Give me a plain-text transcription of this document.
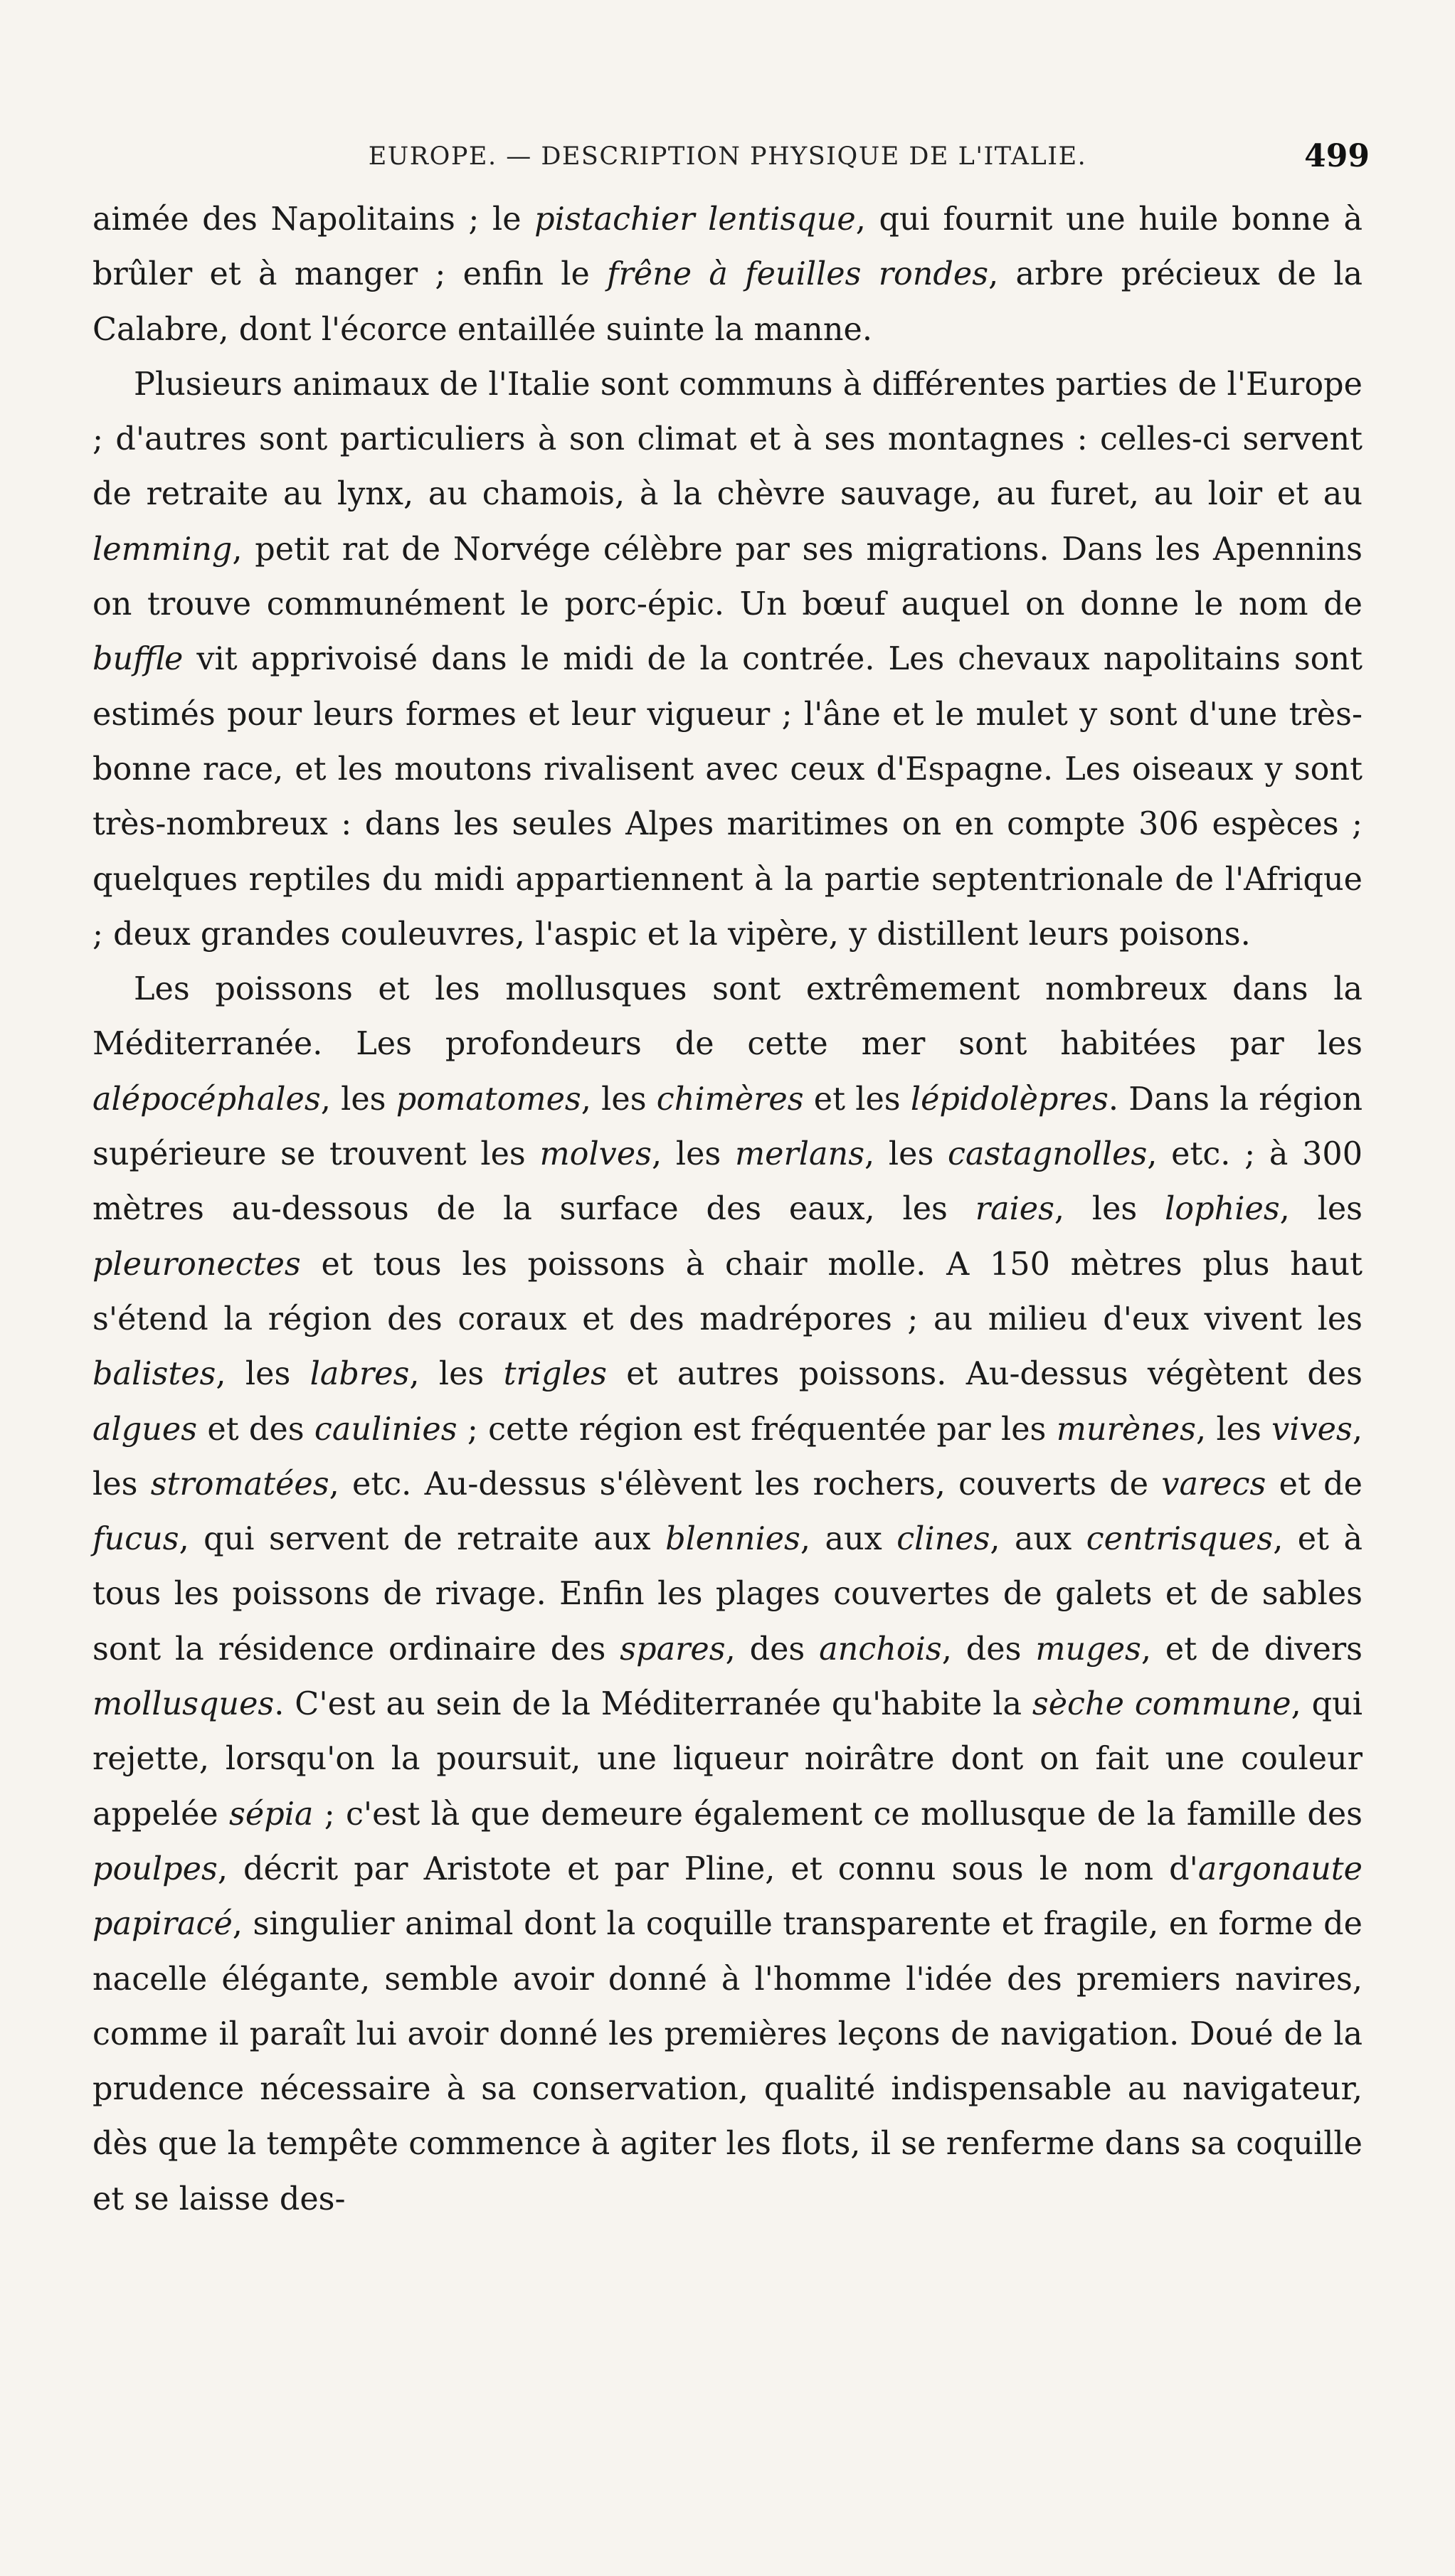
EUROPE. — DESCRIPTION PHYSIQUE DE L'ITALIE.	499

aimée des Napolitains ; le pistachier lentisque, qui fournit une huile bonne à brûler et à manger ; enfin le frêne à feuilles rondes, arbre précieux de la Calabre, dont l'écorce entaillée suinte la manne.

Plusieurs animaux de l'Italie sont communs à différentes parties de l'Europe ; d'autres sont particuliers à son climat et à ses montagnes : celles-ci servent de retraite au lynx, au chamois, à la chèvre sauvage, au furet, au loir et au lemming, petit rat de Norvége célèbre par ses migrations. Dans les Apennins on trouve communément le porc-épic. Un bœuf auquel on donne le nom de buffle vit apprivoisé dans le midi de la contrée. Les chevaux napolitains sont estimés pour leurs formes et leur vigueur ; l'âne et le mulet y sont d'une très-bonne race, et les moutons rivalisent avec ceux d'Espagne. Les oiseaux y sont très-nombreux : dans les seules Alpes maritimes on en compte 306 espèces ; quelques reptiles du midi appartiennent à la partie septentrionale de l'Afrique ; deux grandes couleuvres, l'aspic et la vipère, y distillent leurs poisons.

Les poissons et les mollusques sont extrêmement nombreux dans la Méditerranée. Les profondeurs de cette mer sont habitées par les alépocéphales, les pomatomes, les chimères et les lépidolèpres. Dans la région supérieure se trouvent les molves, les merlans, les castagnolles, etc. ; à 300 mètres au-dessous de la surface des eaux, les raies, les lophies, les pleuronectes et tous les poissons à chair molle. A 150 mètres plus haut s'étend la région des coraux et des madrépores ; au milieu d'eux vivent les balistes, les labres, les trigles et autres poissons. Au-dessus végètent des algues et des caulinies ; cette région est fréquentée par les murènes, les vives, les stromatées, etc. Au-dessus s'élèvent les rochers, couverts de varecs et de fucus, qui servent de retraite aux blennies, aux clines, aux centrisques, et à tous les poissons de rivage. Enfin les plages couvertes de galets et de sables sont la résidence ordinaire des spares, des anchois, des muges, et de divers mollusques. C'est au sein de la Méditerranée qu'habite la sèche commune, qui rejette, lorsqu'on la poursuit, une liqueur noirâtre dont on fait une couleur appelée sépia ; c'est là que demeure également ce mollusque de la famille des poulpes, décrit par Aristote et par Pline, et connu sous le nom d'argonaute papiracé, singulier animal dont la coquille transparente et fragile, en forme de nacelle élégante, semble avoir donné à l'homme l'idée des premiers navires, comme il paraît lui avoir donné les premières leçons de navigation. Doué de la prudence nécessaire à sa conservation, qualité indispensable au navigateur, dès que la tempête commence à agiter les flots, il se renferme dans sa coquille et se laisse des-
